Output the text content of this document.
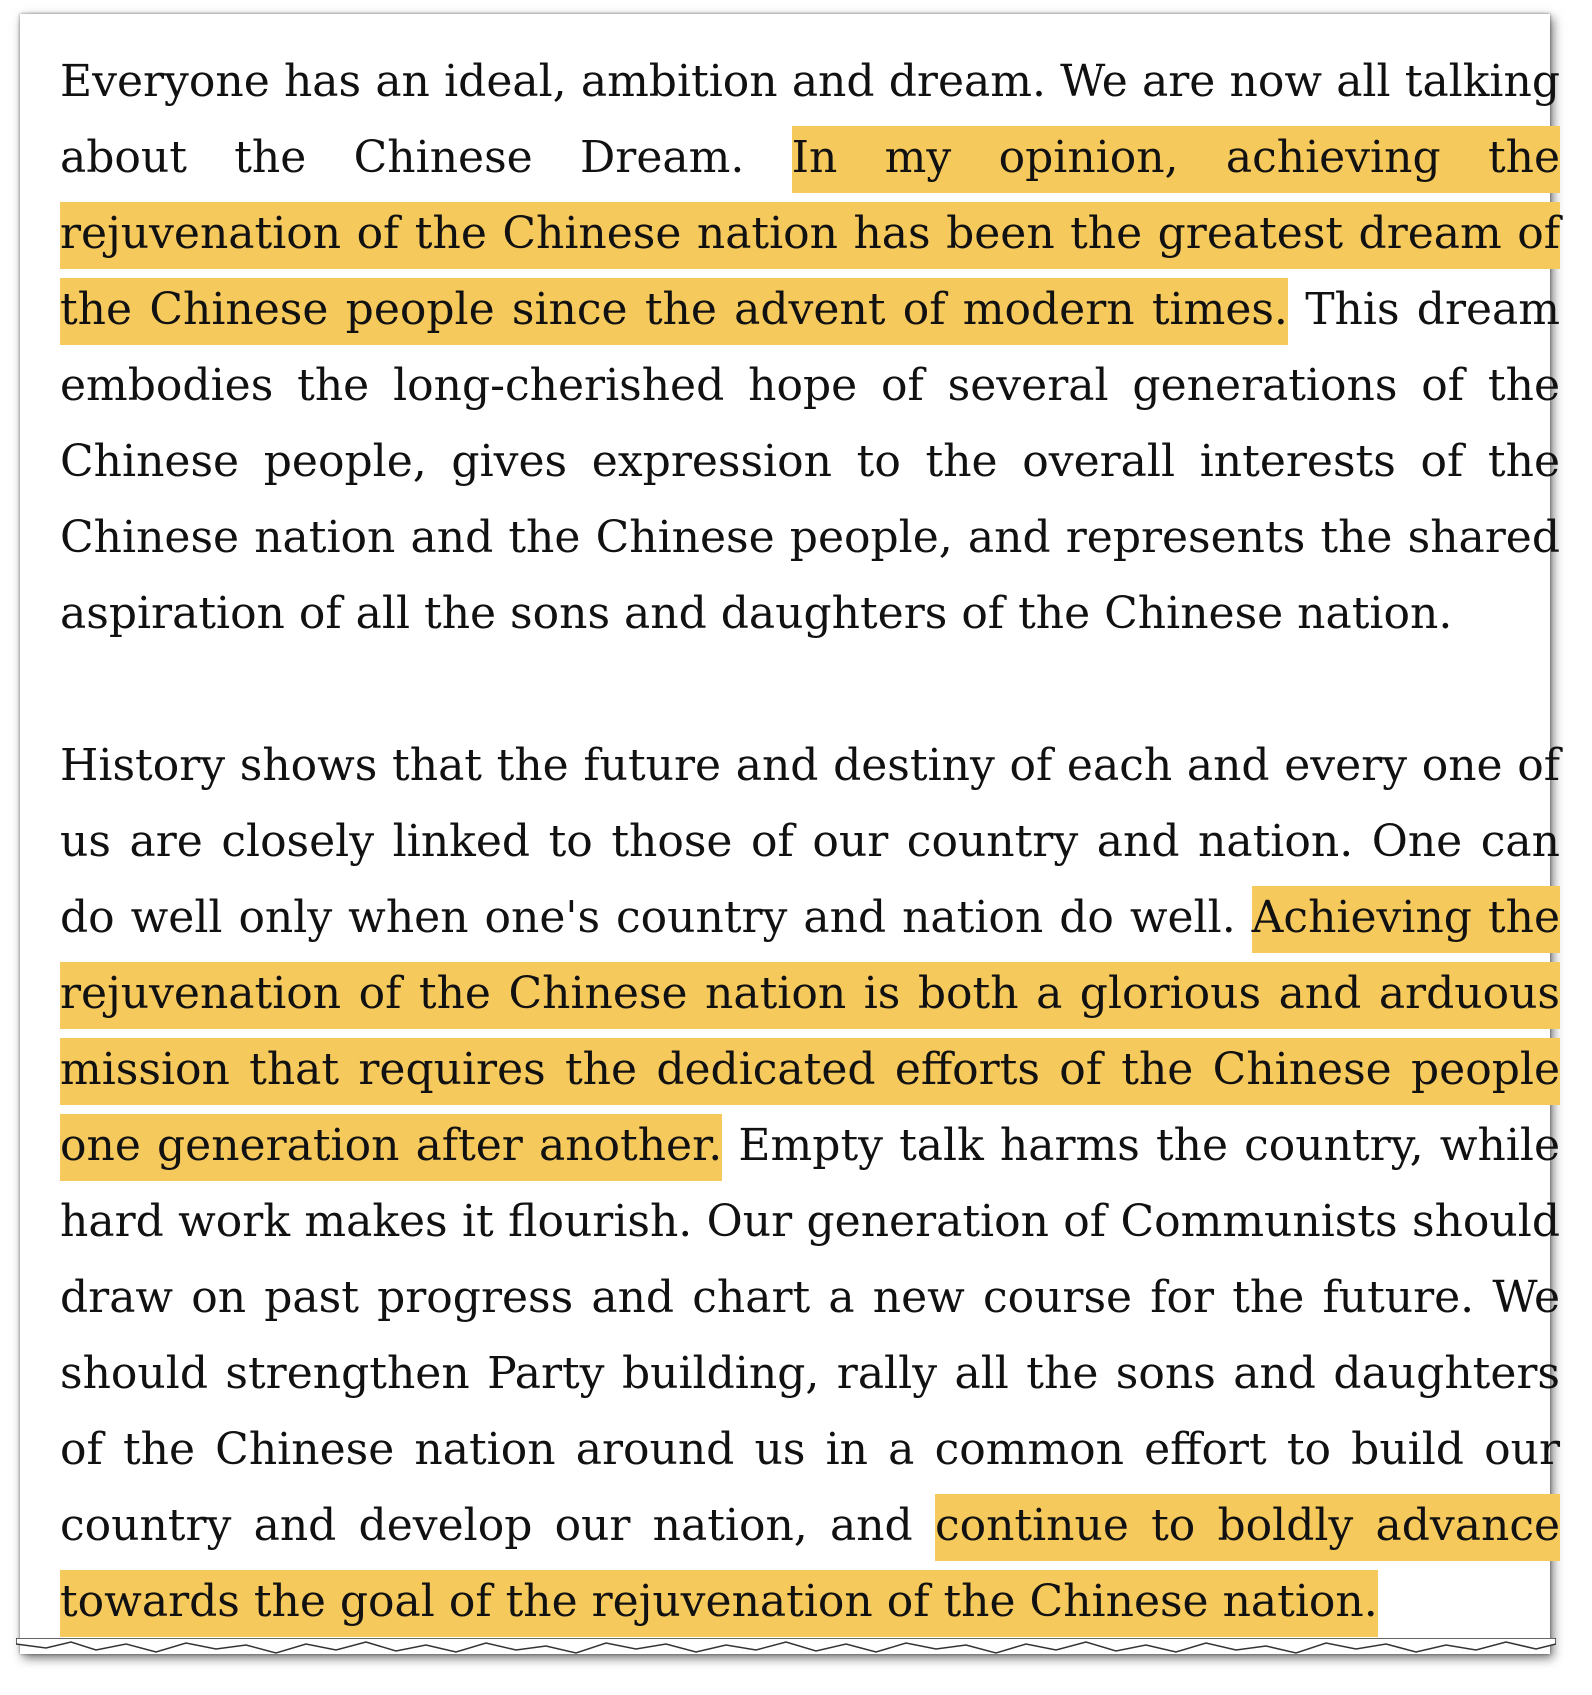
Everyone has an ideal, ambition and dream. We are now all talking about the Chinese Dream. In my opinion, achieving the rejuvenation of the Chinese nation has been the greatest dream of the Chinese people since the advent of modern times. This dream embodies the long-cherished hope of several generations of the Chinese people, gives expression to the overall interests of the Chinese nation and the Chinese people, and represents the shared aspiration of all the sons and daughters of the Chinese nation.

History shows that the future and destiny of each and every one of us are closely linked to those of our country and nation. One can do well only when one's country and nation do well. Achieving the rejuvenation of the Chinese nation is both a glorious and arduous mission that requires the dedicated efforts of the Chinese people one generation after another. Empty talk harms the country, while hard work makes it flourish. Our generation of Communists should draw on past progress and chart a new course for the future. We should strengthen Party building, rally all the sons and daughters of the Chinese nation around us in a common effort to build our country and develop our nation, and continue to boldly advance towards the goal of the rejuvenation of the Chinese nation.
